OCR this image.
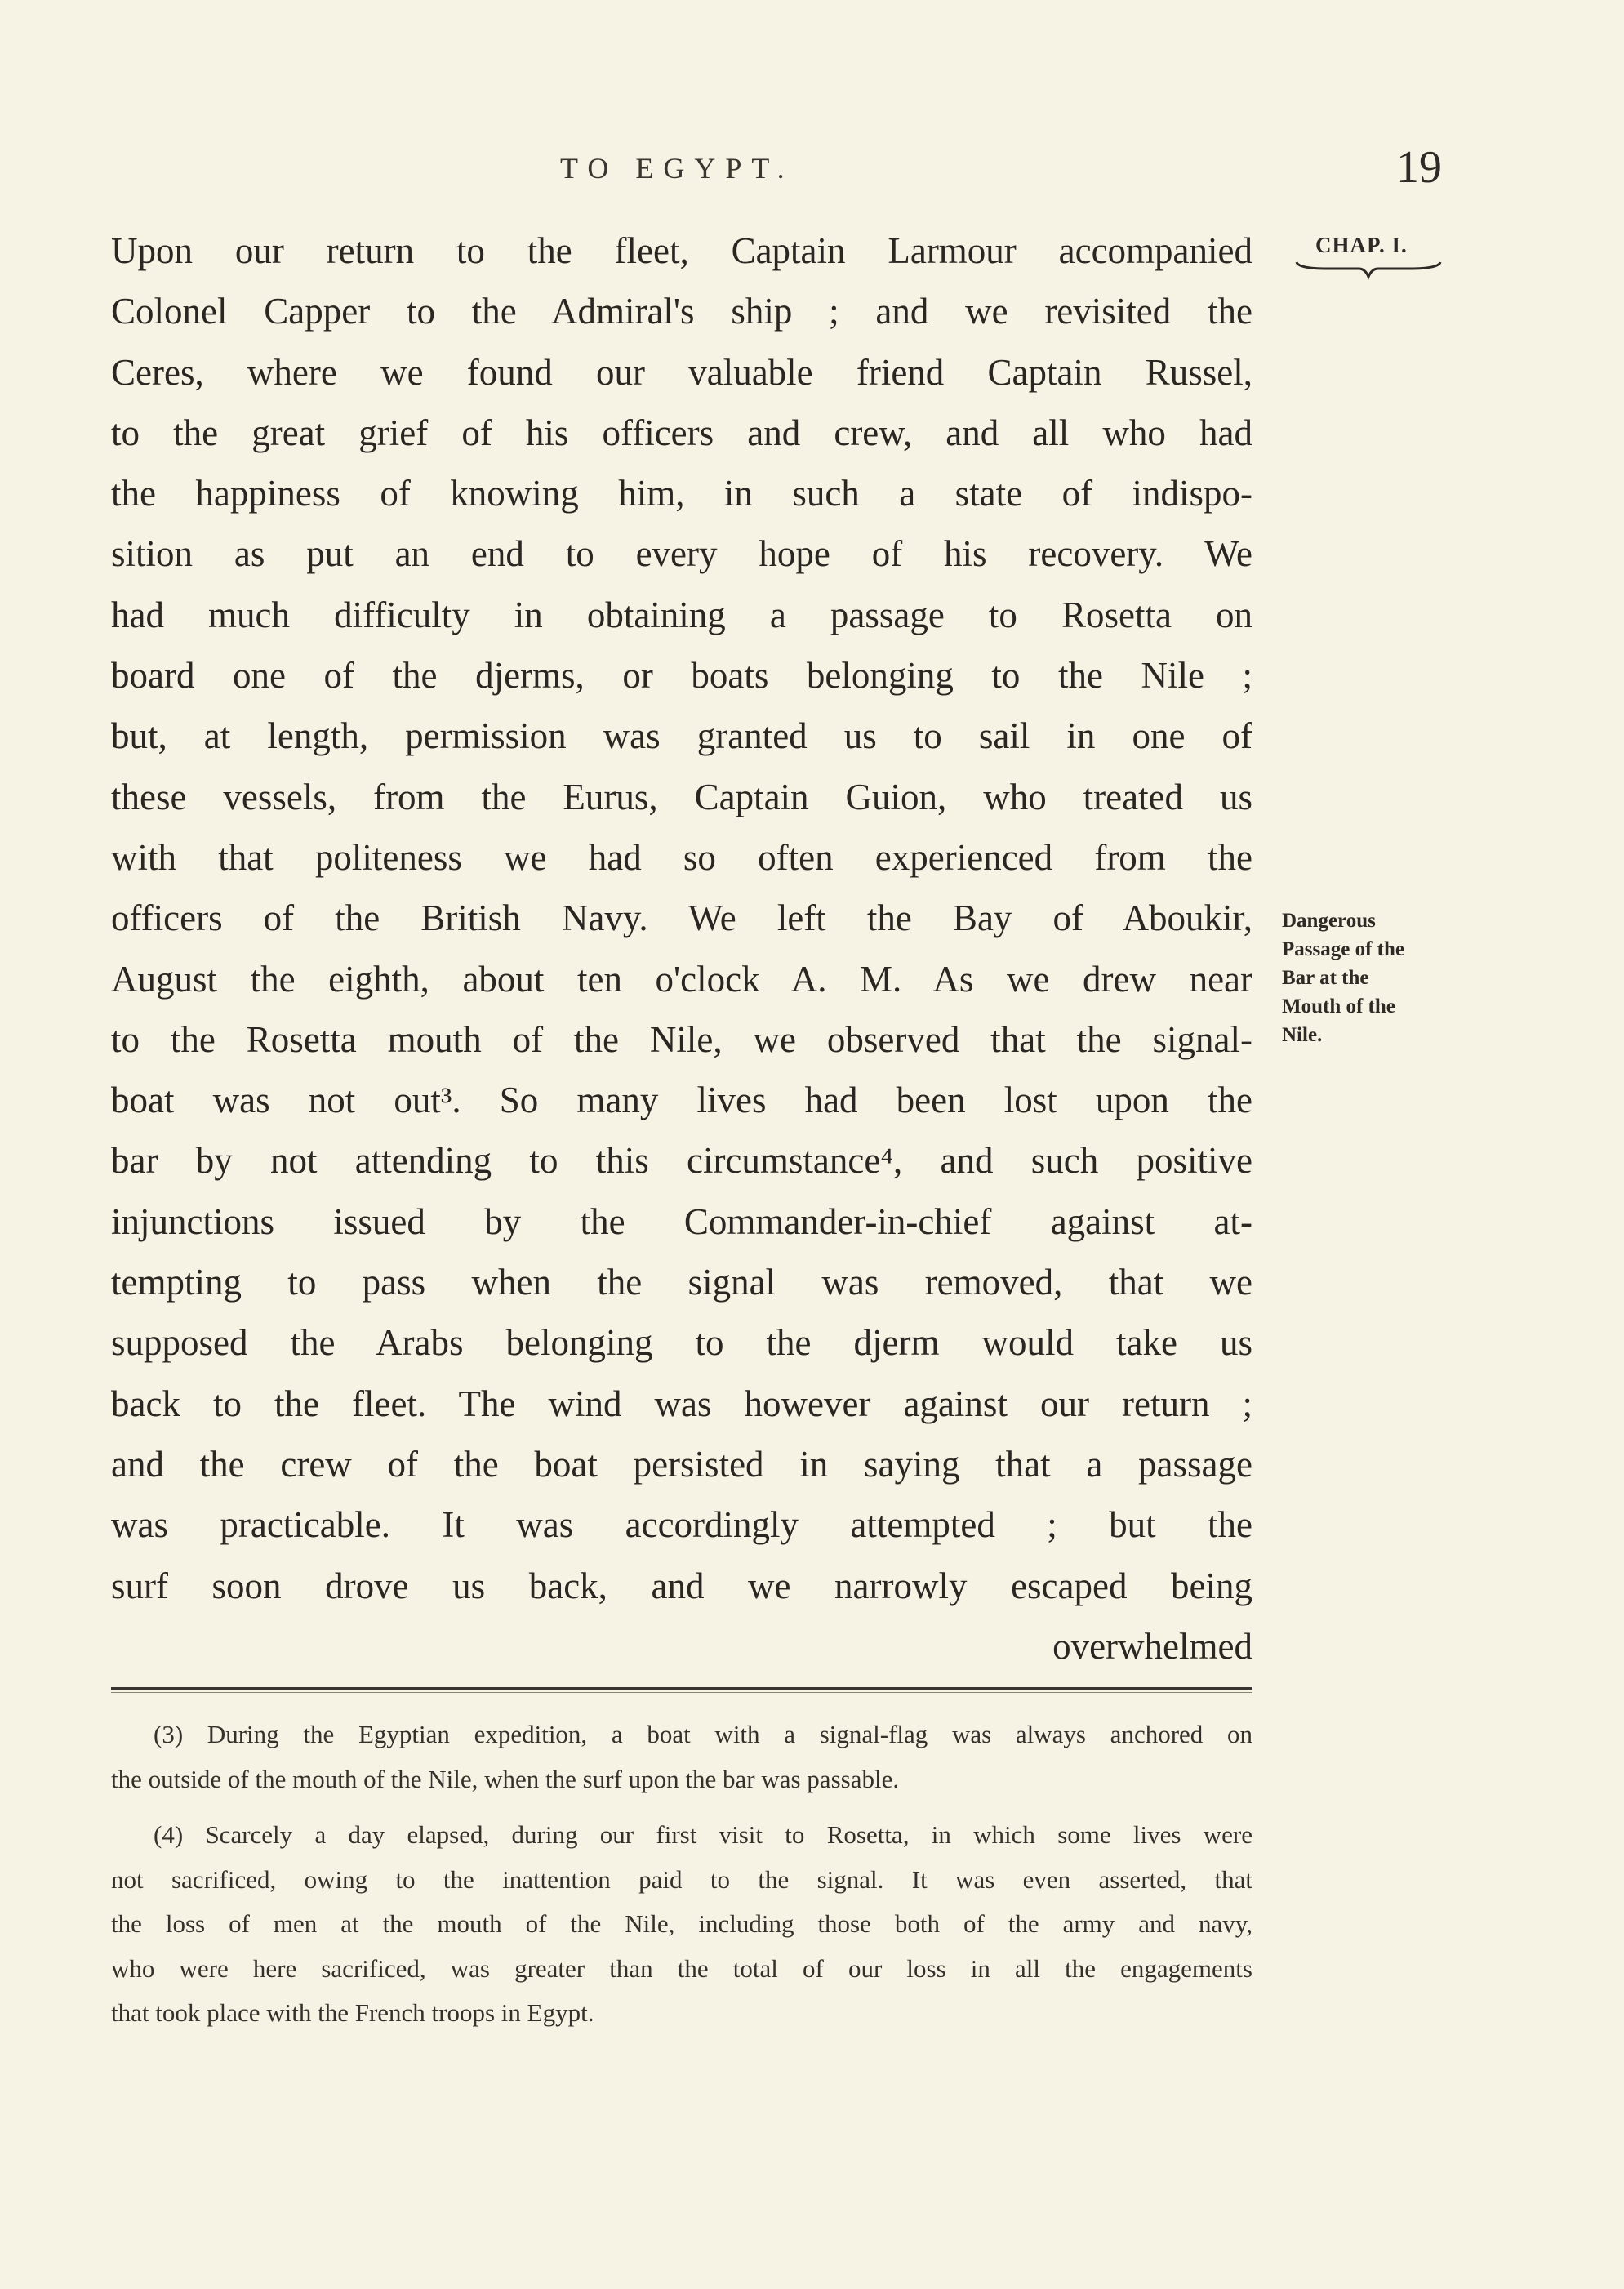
TO EGYPT.	19
CHAP. I.
Upon our return to the fleet, Captain Larmour accompanied
Colonel Capper to the Admiral's ship ; and we revisited the
Ceres, where we found our valuable friend Captain Russel,
to the great grief of his officers and crew, and all who had
the happiness of knowing him, in such a state of indispo-
sition as put an end to every hope of his recovery. We
had much difficulty in obtaining a passage to Rosetta on
board one of the djerms, or boats belonging to the Nile ;
but, at length, permission was granted us to sail in one of
these vessels, from the Eurus, Captain Guion, who treated us
with that politeness we had so often experienced from the
officers of the British Navy. We left the Bay of Aboukir,
August the eighth, about ten o'clock A. M. As we drew near
to the Rosetta mouth of the Nile, we observed that the signal-
boat was not out³. So many lives had been lost upon the
bar by not attending to this circumstance⁴, and such positive
injunctions issued by the Commander-in-chief against at-
tempting to pass when the signal was removed, that we
supposed the Arabs belonging to the djerm would take us
back to the fleet. The wind was however against our return ;
and the crew of the boat persisted in saying that a passage
was practicable. It was accordingly attempted ; but the
surf soon drove us back, and we narrowly escaped being
overwhelmed
Dangerous
Passage of the
Bar at the
Mouth of the
Nile.
(3) During the Egyptian expedition, a boat with a signal-flag was always anchored on
the outside of the mouth of the Nile, when the surf upon the bar was passable.
(4) Scarcely a day elapsed, during our first visit to Rosetta, in which some lives were
not sacrificed, owing to the inattention paid to the signal. It was even asserted, that
the loss of men at the mouth of the Nile, including those both of the army and navy,
who were here sacrificed, was greater than the total of our loss in all the engagements
that took place with the French troops in Egypt.
